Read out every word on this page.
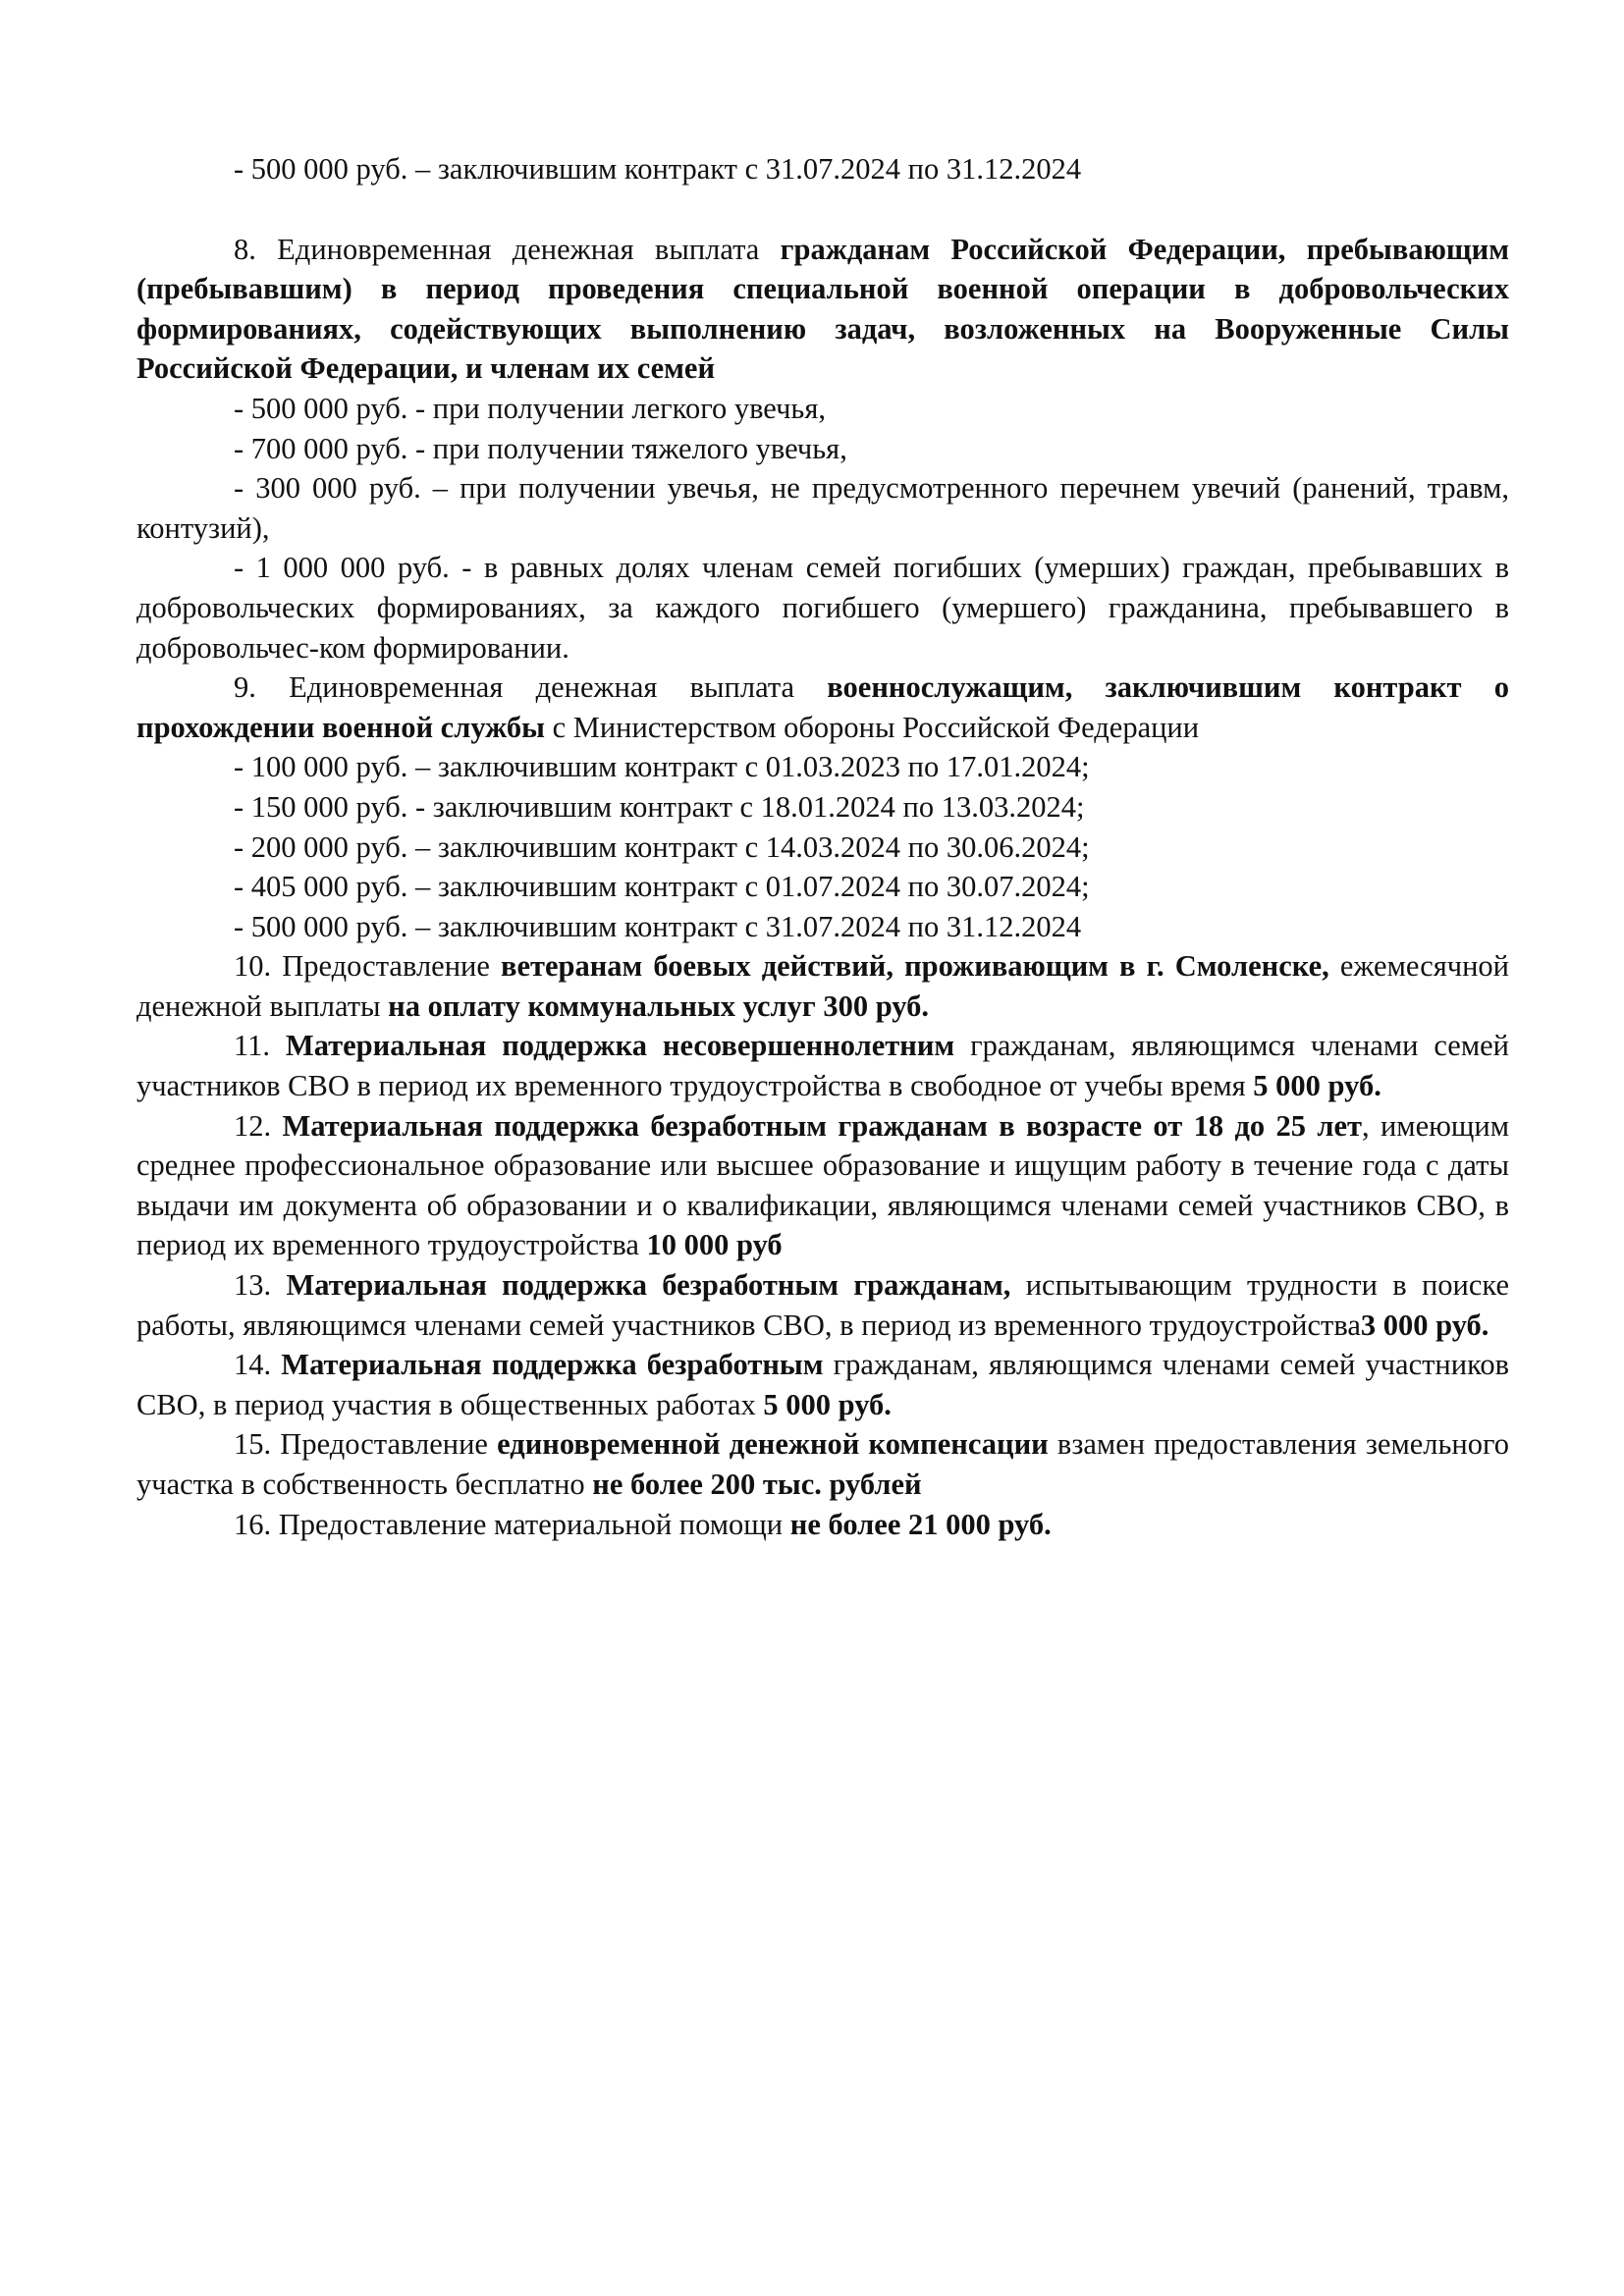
- 500 000 руб. – заключившим контракт с 31.07.2024 по 31.12.2024

8. Единовременная денежная выплата гражданам Российской Федерации, пребывающим (пребывавшим) в период проведения специальной военной операции в добровольческих формированиях, содействующих выполнению задач, возложенных на Вооруженные Силы Российской Федерации, и членам их семей

- 500 000 руб. - при получении легкого увечья,

- 700 000 руб. - при получении тяжелого увечья,

- 300 000 руб. – при получении увечья, не предусмотренного перечнем увечий (ранений, травм, контузий),

- 1 000 000 руб. - в равных долях членам семей погибших (умерших) граждан, пребывавших в добровольческих формированиях, за каждого погибшего (умершего) гражданина, пребывавшего в добровольчес-ком формировании.

9. Единовременная денежная выплата военнослужащим, заключившим контракт о прохождении военной службы с Министерством обороны Российской Федерации

- 100 000 руб. – заключившим контракт с 01.03.2023 по 17.01.2024;

- 150 000 руб. - заключившим контракт с 18.01.2024 по 13.03.2024;

- 200 000 руб. – заключившим контракт с 14.03.2024 по 30.06.2024;

- 405 000 руб. – заключившим контракт с 01.07.2024 по 30.07.2024;

- 500 000 руб. – заключившим контракт с 31.07.2024 по 31.12.2024

10. Предоставление ветеранам боевых действий, проживающим в г. Смоленске, ежемесячной денежной выплаты на оплату коммунальных услуг 300 руб.

11. Материальная поддержка несовершеннолетним гражданам, являющимся членами семей участников СВО в период их временного трудоустройства в свободное от учебы время 5 000 руб.

12. Материальная поддержка безработным гражданам в возрасте от 18 до 25 лет, имеющим среднее профессиональное образование или высшее образование и ищущим работу в течение года с даты выдачи им документа об образовании и о квалификации, являющимся членами семей участников СВО, в период их временного трудоустройства 10 000 руб

13. Материальная поддержка безработным гражданам, испытывающим трудности в поиске работы, являющимся членами семей участников СВО, в период из временного трудоустройства3 000 руб.

14. Материальная поддержка безработным гражданам, являющимся членами семей участников СВО, в период участия в общественных работах 5 000 руб.

15. Предоставление единовременной денежной компенсации взамен предоставления земельного участка в собственность бесплатно не более 200 тыс. рублей

16. Предоставление материальной помощи не более 21 000 руб.
